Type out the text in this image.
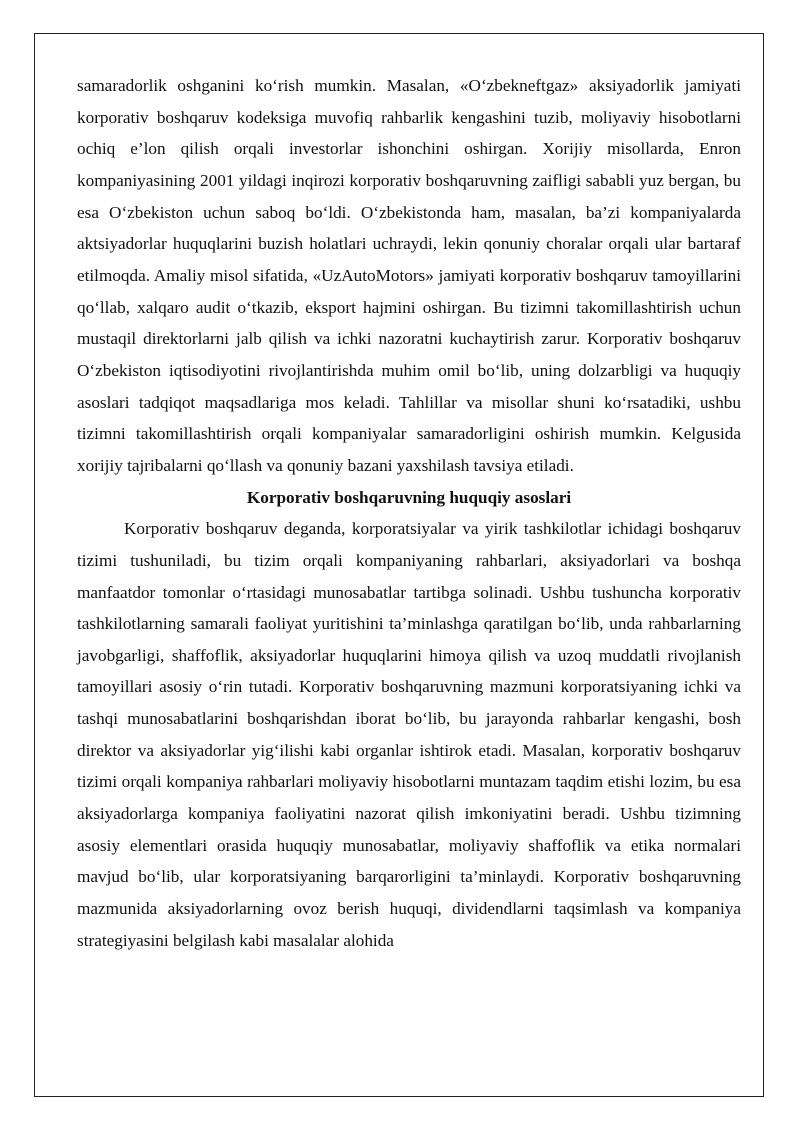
samaradorlik oshganini ko‘rish mumkin. Masalan, «O‘zbekneftgaz» aksiyadorlik jamiyati korporativ boshqaruv kodeksiga muvofiq rahbarlik kengashini tuzib, moliyaviy hisobotlarni ochiq e’lon qilish orqali investorlar ishonchini oshirgan. Xorijiy misollarda, Enron kompaniyasining 2001 yildagi inqirozi korporativ boshqaruvning zaifligi sababli yuz bergan, bu esa O‘zbekiston uchun saboq bo‘ldi. O‘zbekistonda ham, masalan, ba’zi kompaniyalarda aktsiyadorlar huquqlarini buzish holatlari uchraydi, lekin qonuniy choralar orqali ular bartaraf etilmoqda. Amaliy misol sifatida, «UzAutoMotors» jamiyati korporativ boshqaruv tamoyillarini qo‘llab, xalqaro audit o‘tkazib, eksport hajmini oshirgan. Bu tizimni takomillashtirish uchun mustaqil direktorlarni jalb qilish va ichki nazoratni kuchaytirish zarur. Korporativ boshqaruv O‘zbekiston iqtisodiyotini rivojlantirishda muhim omil bo‘lib, uning dolzarbligi va huquqiy asoslari tadqiqot maqsadlariga mos keladi. Tahlillar va misollar shuni ko‘rsatadiki, ushbu tizimni takomillashtirish orqali kompaniyalar samaradorligini oshirish mumkin. Kelgusida xorijiy tajribalarni qo‘llash va qonuniy bazani yaxshilash tavsiya etiladi.

Korporativ boshqaruvning huquqiy asoslari

Korporativ boshqaruv deganda, korporatsiyalar va yirik tashkilotlar ichidagi boshqaruv tizimi tushuniladi, bu tizim orqali kompaniyaning rahbarlari, aksiyadorlari va boshqa manfaatdor tomonlar o‘rtasidagi munosabatlar tartibga solinadi. Ushbu tushuncha korporativ tashkilotlarning samarali faoliyat yuritishini ta’minlashga qaratilgan bo‘lib, unda rahbarlarning javobgarligi, shaffoflik, aksiyadorlar huquqlarini himoya qilish va uzoq muddatli rivojlanish tamoyillari asosiy o‘rin tutadi. Korporativ boshqaruvning mazmuni korporatsiyaning ichki va tashqi munosabatlarini boshqarishdan iborat bo‘lib, bu jarayonda rahbarlar kengashi, bosh direktor va aksiyadorlar yig‘ilishi kabi organlar ishtirok etadi. Masalan, korporativ boshqaruv tizimi orqali kompaniya rahbarlari moliyaviy hisobotlarni muntazam taqdim etishi lozim, bu esa aksiyadorlarga kompaniya faoliyatini nazorat qilish imkoniyatini beradi. Ushbu tizimning asosiy elementlari orasida huquqiy munosabatlar, moliyaviy shaffoflik va etika normalari mavjud bo‘lib, ular korporatsiyaning barqarorligini ta’minlaydi. Korporativ boshqaruvning mazmunida aksiyadorlarning ovoz berish huquqi, dividendlarni taqsimlash va kompaniya strategiyasini belgilash kabi masalalar alohida
